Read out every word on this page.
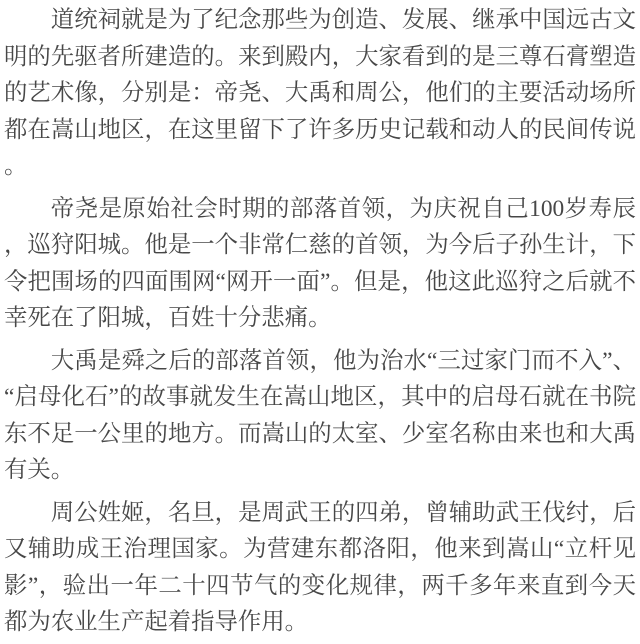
道统祠就是为了纪念那些为创造、发展、继承中国远古文明的先驱者所建造的。来到殿内，大家看到的是三尊石膏塑造的艺术像，分别是：帝尧、大禹和周公，他们的主要活动场所都在嵩山地区，在这里留下了许多历史记载和动人的民间传说。

帝尧是原始社会时期的部落首领，为庆祝自己100岁寿辰，巡狩阳城。他是一个非常仁慈的首领，为今后子孙生计，下令把围场的四面围网“网开一面”。但是，他这此巡狩之后就不幸死在了阳城，百姓十分悲痛。

大禹是舜之后的部落首领，他为治水“三过家门而不入”、“启母化石”的故事就发生在嵩山地区，其中的启母石就在书院东不足一公里的地方。而嵩山的太室、少室名称由来也和大禹有关。

周公姓姬，名旦，是周武王的四弟，曾辅助武王伐纣，后又辅助成王治理国家。为营建东都洛阳，他来到嵩山“立杆见影”，验出一年二十四节气的变化规律，两千多年来直到今天都为农业生产起着指导作用。
